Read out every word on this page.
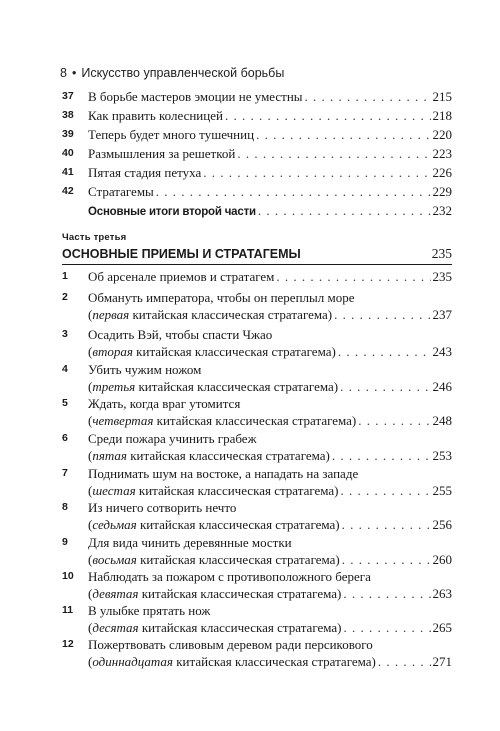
8 • Искусство управленческой борьбы
37	В борьбе мастеров эмоции не уместны . . .	215
38	Как править колесницей . . .	218
39	Теперь будет много тушечниц . . .	220
40	Размышления за решеткой . . .	223
41	Пятая стадия петуха . . .	226
42	Стратагемы . . .	229
Основные итоги второй части . . .	232
Часть третья
ОСНОВНЫЕ ПРИЕМЫ И СТРАТАГЕМЫ	235
1	Об арсенале приемов и стратагем . . .	235
2	Обмануть императора, чтобы он переплыл море
(первая китайская классическая стратагема) . . .	237
3	Осадить Вэй, чтобы спасти Чжао
(вторая китайская классическая стратагема) . . .	243
4	Убить чужим ножом
(третья китайская классическая стратагема) . . .	246
5	Ждать, когда враг утомится
(четвертая китайская классическая стратагема) . . .	248
6	Среди пожара учинить грабеж
(пятая китайская классическая стратагема) . . .	253
7	Поднимать шум на востоке, а нападать на западе
(шестая китайская классическая стратагема) . . .	255
8	Из ничего сотворить нечто
(седьмая китайская классическая стратагема) . . .	256
9	Для вида чинить деревянные мостки
(восьмая китайская классическая стратагема) . . .	260
10	Наблюдать за пожаром с противоположного берега
(девятая китайская классическая стратагема) . . .	263
11	В улыбке прятать нож
(десятая китайская классическая стратагема) . . .	265
12	Пожертвовать сливовым деревом ради персикового
(одиннадцатая китайская классическая стратагема) . . .	271
